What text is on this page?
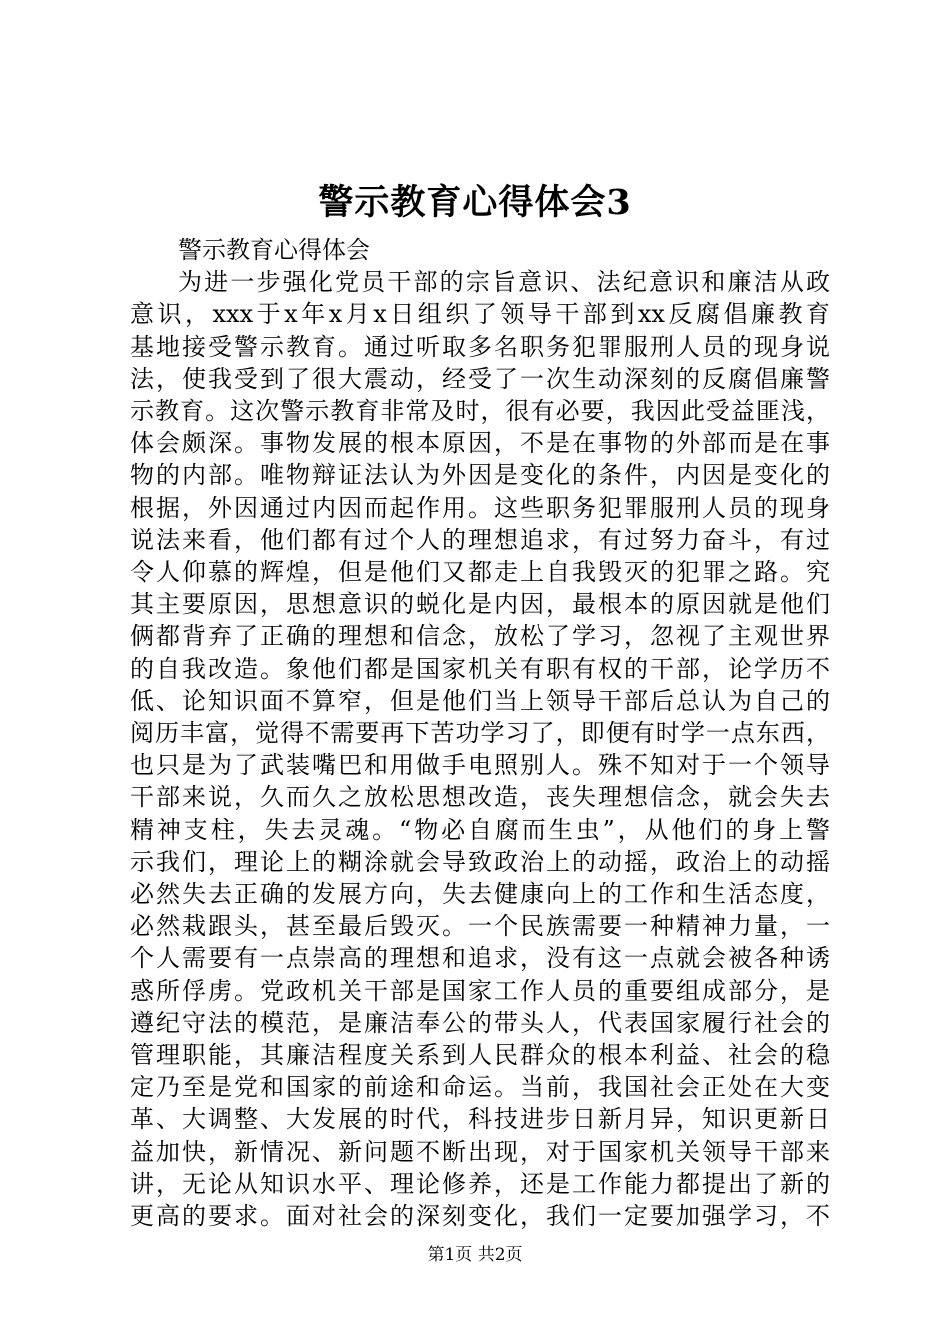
警示教育心得体会3

警示教育心得体会

为进一步强化党员干部的宗旨意识、法纪意识和廉洁从政

意识，xxx于x年x月x日组织了领导干部到xx反腐倡廉教育

基地接受警示教育。通过听取多名职务犯罪服刑人员的现身说

法，使我受到了很大震动，经受了一次生动深刻的反腐倡廉警

示教育。这次警示教育非常及时，很有必要，我因此受益匪浅，

体会颇深。事物发展的根本原因，不是在事物的外部而是在事

物的内部。唯物辩证法认为外因是变化的条件，内因是变化的

根据，外因通过内因而起作用。这些职务犯罪服刑人员的现身

说法来看，他们都有过个人的理想追求，有过努力奋斗，有过

令人仰慕的辉煌，但是他们又都走上自我毁灭的犯罪之路。究

其主要原因，思想意识的蜕化是内因，最根本的原因就是他们

俩都背弃了正确的理想和信念，放松了学习，忽视了主观世界

的自我改造。象他们都是国家机关有职有权的干部，论学历不

低、论知识面不算窄，但是他们当上领导干部后总认为自己的

阅历丰富，觉得不需要再下苦功学习了，即便有时学一点东西，

也只是为了武装嘴巴和用做手电照别人。殊不知对于一个领导

干部来说，久而久之放松思想改造，丧失理想信念，就会失去

精神支柱，失去灵魂。“物必自腐而生虫”，从他们的身上警

示我们，理论上的糊涂就会导致政治上的动摇，政治上的动摇

必然失去正确的发展方向，失去健康向上的工作和生活态度，

必然栽跟头，甚至最后毁灭。一个民族需要一种精神力量，一

个人需要有一点崇高的理想和追求，没有这一点就会被各种诱

惑所俘虏。党政机关干部是国家工作人员的重要组成部分，是

遵纪守法的模范，是廉洁奉公的带头人，代表国家履行社会的

管理职能，其廉洁程度关系到人民群众的根本利益、社会的稳

定乃至是党和国家的前途和命运。当前，我国社会正处在大变

革、大调整、大发展的时代，科技进步日新月异，知识更新日

益加快，新情况、新问题不断出现，对于国家机关领导干部来

讲，无论从知识水平、理论修养，还是工作能力都提出了新的

更高的要求。面对社会的深刻变化，我们一定要加强学习，不

第1页 共2页
